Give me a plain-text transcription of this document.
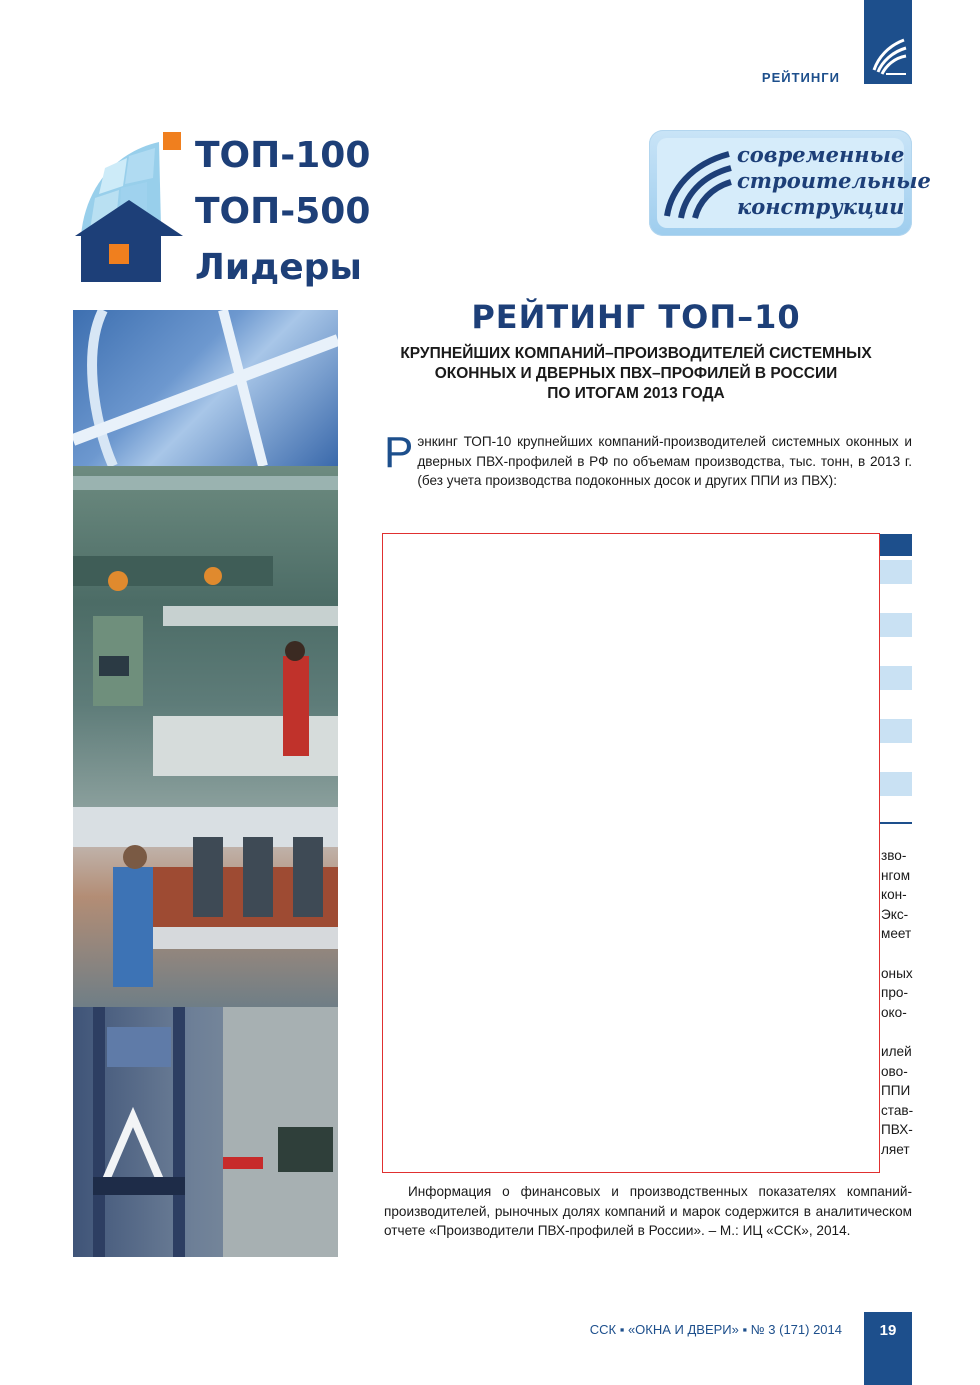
РЕЙТИНГИ
ТОП-100
ТОП-500
Лидеры
современные
строительные
конструкции
РЕЙТИНГ ТОП–10
КРУПНЕЙШИХ КОМПАНИЙ–ПРОИЗВОДИТЕЛЕЙ СИСТЕМНЫХ
ОКОННЫХ И ДВЕРНЫХ ПВХ–ПРОФИЛЕЙ В РОССИИ
ПО ИТОГАМ 2013 ГОДА
Рэнкинг ТОП-10 крупнейших компаний-производителей системных оконных и дверных ПВХ-профилей в РФ по объемам производства, тыс. тонн, в 2013 г. (без учета производства подоконных досок и других ППИ из ПВХ):
зво-
нгом
кон-
Экс-
меет
оных
про-
око-
илей
ово-
ППИ
став-
ПВХ-
ляет
Информация о финансовых и производственных показателях компаний-производителей, рыночных долях компаний и марок содержится в аналитическом отчете «Производители ПВХ-профилей в России». – М.: ИЦ «ССК», 2014.
ССК ▪ «ОКНА И ДВЕРИ» ▪ № 3 (171) 2014	19
